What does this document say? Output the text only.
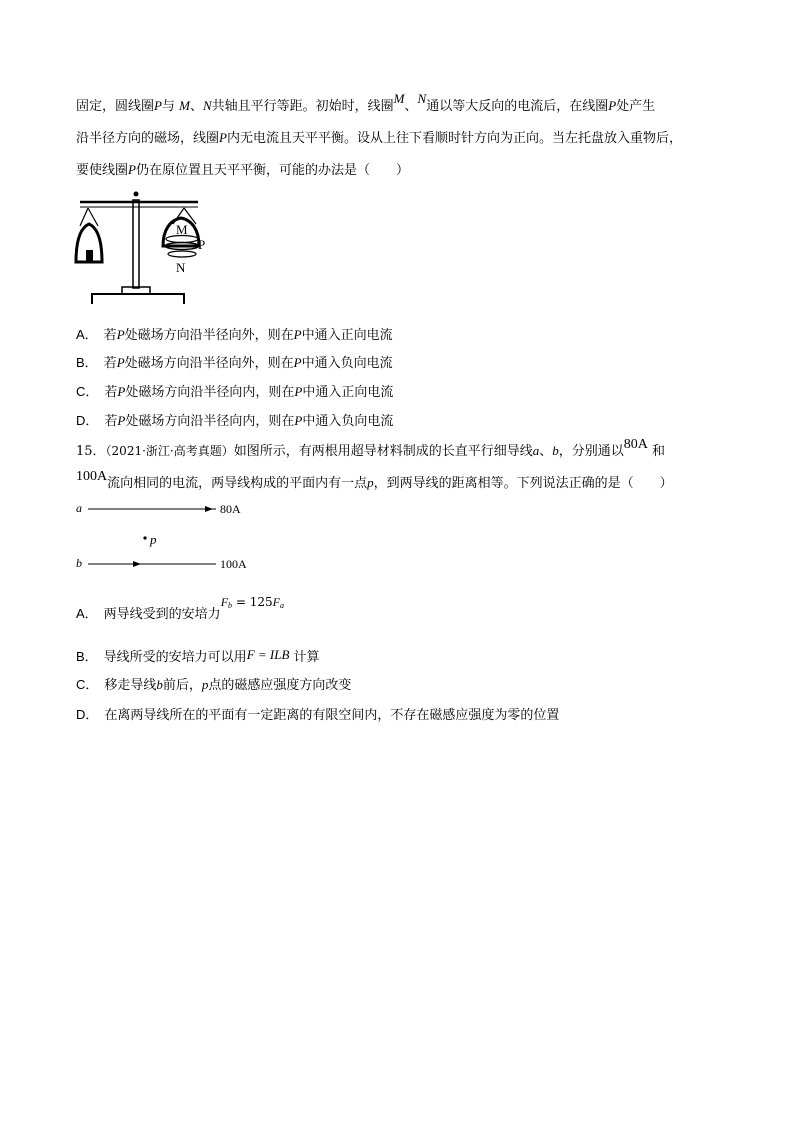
固定，圆线圈P与 M、N共轴且平行等距。初始时，线圈M、N通以等大反向的电流后，在线圈P处产生
沿半径方向的磁场，线圈P内无电流且天平平衡。设从上往下看顺时针方向为正向。当左托盘放入重物后，
要使线圈P仍在原位置且天平平衡，可能的办法是（　　）
M
P
N
A． 若P处磁场方向沿半径向外，则在P中通入正向电流
B． 若P处磁场方向沿半径向外，则在P中通入负向电流
C． 若P处磁场方向沿半径向内，则在P中通入正向电流
D． 若P处磁场方向沿半径向内，则在P中通入负向电流
15．（2021·浙江·高考真题）如图所示，有两根用超导材料制成的长直平行细导线a、b，分别通以80A 和
100A流向相同的电流，两导线构成的平面内有一点p，到两导线的距离相等。下列说法正确的是（　　）
a	80A
p
b	100A
A． 两导线受到的安培力$F_b = 125F_a$
B． 导线所受的安培力可以用F = ILB 计算
C． 移走导线b前后，p点的磁感应强度方向改变
D． 在离两导线所在的平面有一定距离的有限空间内，不存在磁感应强度为零的位置
